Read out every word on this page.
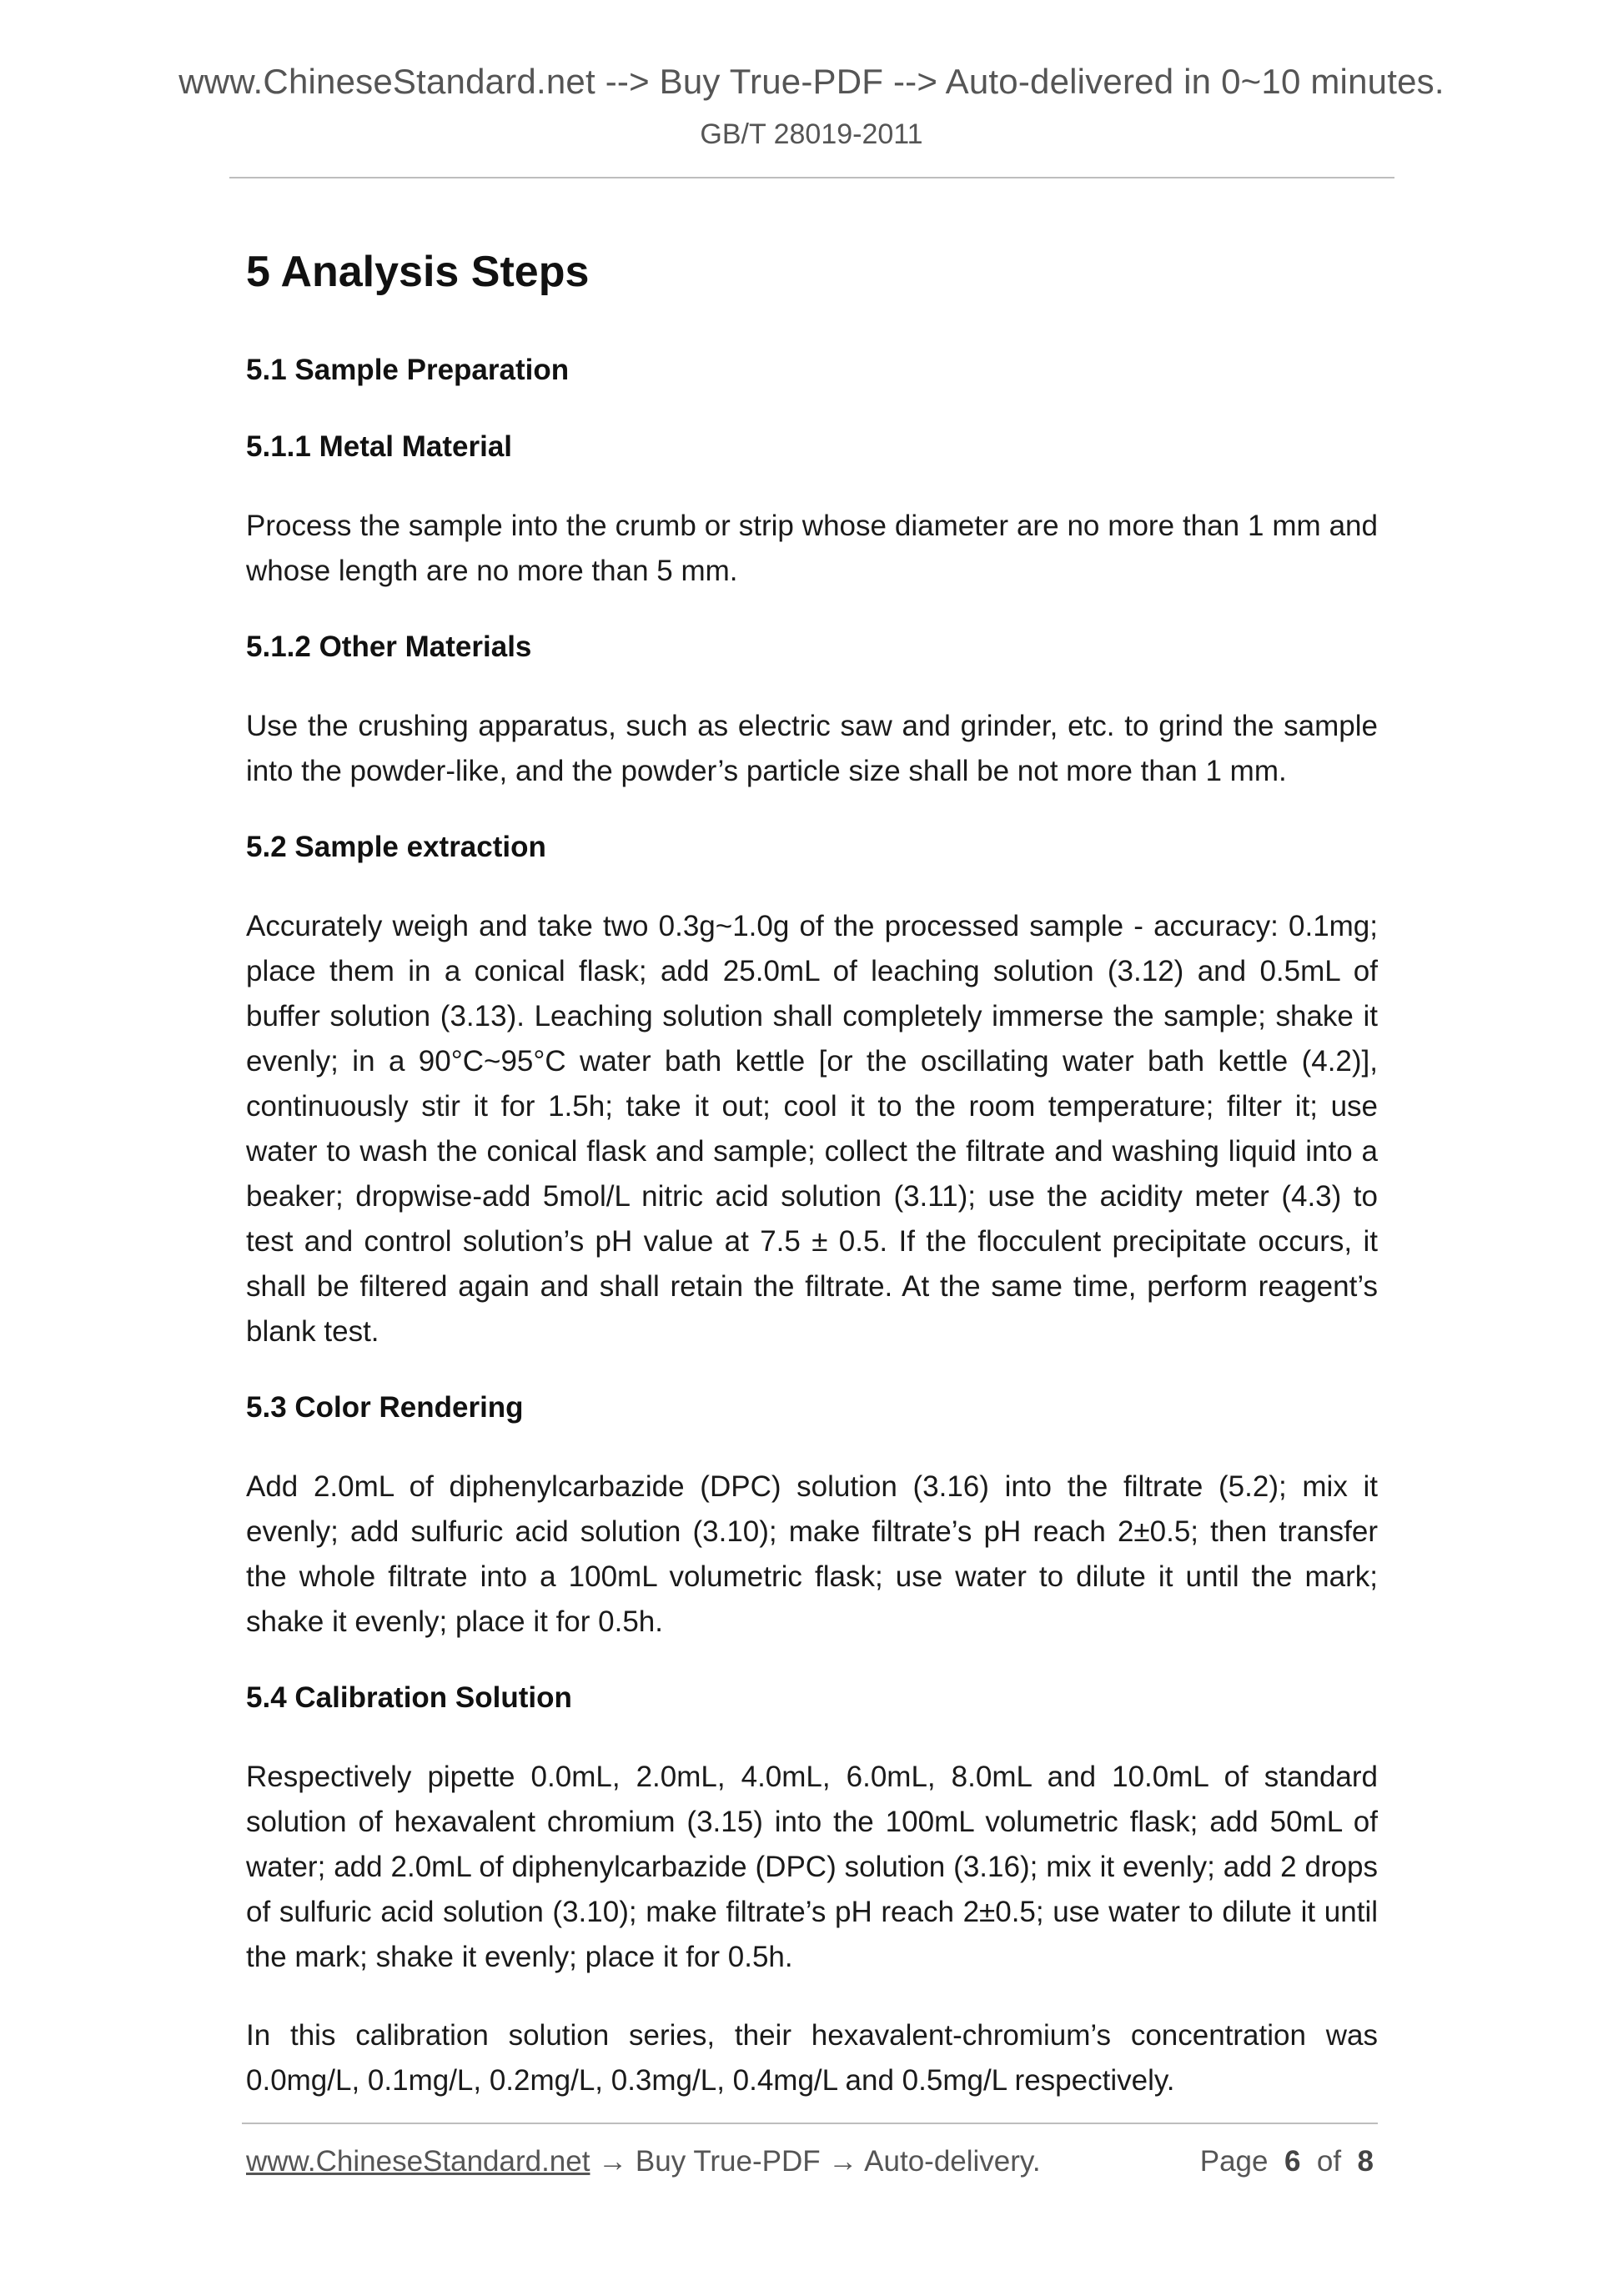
www.ChineseStandard.net --> Buy True-PDF --> Auto-delivered in 0~10 minutes.
GB/T 28019-2011
5 Analysis Steps
5.1 Sample Preparation
5.1.1 Metal Material
Process the sample into the crumb or strip whose diameter are no more than 1 mm and whose length are no more than 5 mm.
5.1.2 Other Materials
Use the crushing apparatus, such as electric saw and grinder, etc. to grind the sample into the powder-like, and the powder’s particle size shall be not more than 1 mm.
5.2 Sample extraction
Accurately weigh and take two 0.3g~1.0g of the processed sample - accuracy: 0.1mg; place them in a conical flask; add 25.0mL of leaching solution (3.12) and 0.5mL of buffer solution (3.13). Leaching solution shall completely immerse the sample; shake it evenly; in a 90°C~95°C water bath kettle [or the oscillating water bath kettle (4.2)], continuously stir it for 1.5h; take it out; cool it to the room temperature; filter it; use water to wash the conical flask and sample; collect the filtrate and washing liquid into a beaker; dropwise-add 5mol/L nitric acid solution (3.11); use the acidity meter (4.3) to test and control solution’s pH value at 7.5 ± 0.5. If the flocculent precipitate occurs, it shall be filtered again and shall retain the filtrate. At the same time, perform reagent’s blank test.
5.3 Color Rendering
Add 2.0mL of diphenylcarbazide (DPC) solution (3.16) into the filtrate (5.2); mix it evenly; add sulfuric acid solution (3.10); make filtrate’s pH reach 2±0.5; then transfer the whole filtrate into a 100mL volumetric flask; use water to dilute it until the mark; shake it evenly; place it for 0.5h.
5.4 Calibration Solution
Respectively pipette 0.0mL, 2.0mL, 4.0mL, 6.0mL, 8.0mL and 10.0mL of standard solution of hexavalent chromium (3.15) into the 100mL volumetric flask; add 50mL of water; add 2.0mL of diphenylcarbazide (DPC) solution (3.16); mix it evenly; add 2 drops of sulfuric acid solution (3.10); make filtrate’s pH reach 2±0.5; use water to dilute it until the mark; shake it evenly; place it for 0.5h.
In this calibration solution series, their hexavalent-chromium’s concentration was 0.0mg/L, 0.1mg/L, 0.2mg/L, 0.3mg/L, 0.4mg/L and 0.5mg/L respectively.
www.ChineseStandard.net → Buy True-PDF → Auto-delivery.	Page 6 of 8
